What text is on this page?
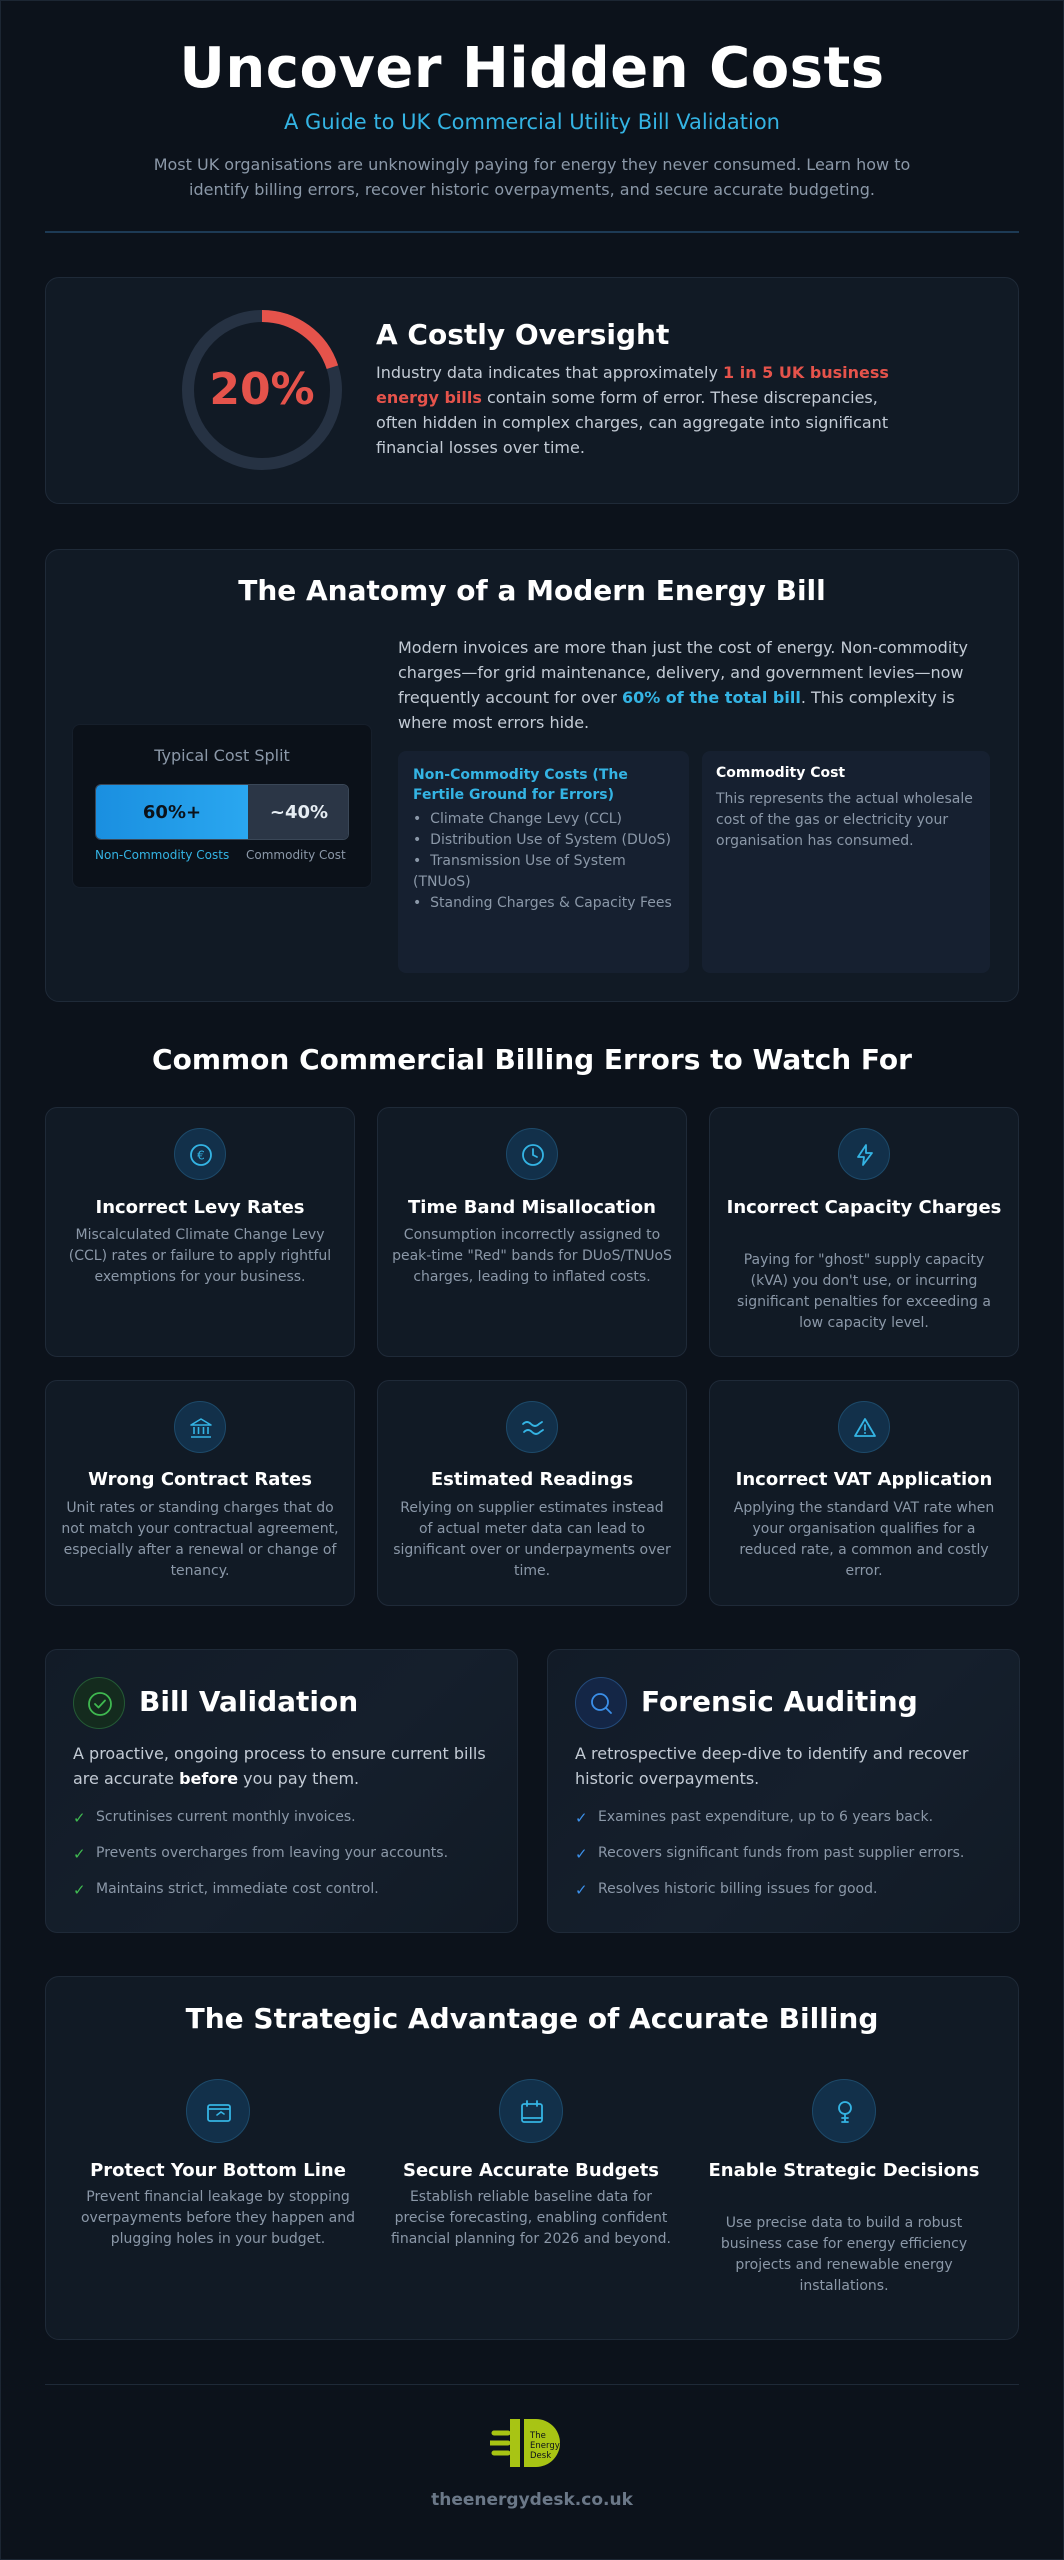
Uncover Hidden Costs
A Guide to UK Commercial Utility Bill Validation
Most UK organisations are unknowingly paying for energy they never consumed. Learn how to identify billing errors, recover historic overpayments, and secure accurate budgeting.
20%
A Costly Oversight
Industry data indicates that approximately 1 in 5 UK business energy bills contain some form of error. These discrepancies, often hidden in complex charges, can aggregate into significant financial losses over time.
The Anatomy of a Modern Energy Bill
Typical Cost Split
60%+	~40%
Non-Commodity Costs Commodity Cost
Modern invoices are more than just the cost of energy. Non-commodity charges—for grid maintenance, delivery, and government levies—now frequently account for over 60% of the total bill. This complexity is where most errors hide.
Non-Commodity Costs (The Fertile Ground for Errors)
•  Climate Change Levy (CCL)
•  Distribution Use of System (DUoS)
•  Transmission Use of System (TNUoS)
•  Standing Charges & Capacity Fees
Commodity Cost
This represents the actual wholesale cost of the gas or electricity your organisation has consumed.
Common Commercial Billing Errors to Watch For
€
Incorrect Levy Rates
Miscalculated Climate Change Levy (CCL) rates or failure to apply rightful exemptions for your business.
Time Band Misallocation
Consumption incorrectly assigned to peak-time "Red" bands for DUoS/TNUoS charges, leading to inflated costs.
Incorrect Capacity Charges
Paying for "ghost" supply capacity (kVA) you don't use, or incurring significant penalties for exceeding a low capacity level.
Wrong Contract Rates
Unit rates or standing charges that do not match your contractual agreement, especially after a renewal or change of tenancy.
Estimated Readings
Relying on supplier estimates instead of actual meter data can lead to significant over or underpayments over time.
Incorrect VAT Application
Applying the standard VAT rate when your organisation qualifies for a reduced rate, a common and costly error.
Bill Validation
A proactive, ongoing process to ensure current bills are accurate before you pay them.
✓ Scrutinises current monthly invoices.
✓ Prevents overcharges from leaving your accounts.
✓ Maintains strict, immediate cost control.
Forensic Auditing
A retrospective deep-dive to identify and recover historic overpayments.
✓ Examines past expenditure, up to 6 years back.
✓ Recovers significant funds from past supplier errors.
✓ Resolves historic billing issues for good.
The Strategic Advantage of Accurate Billing
Protect Your Bottom Line
Prevent financial leakage by stopping overpayments before they happen and plugging holes in your budget.
Secure Accurate Budgets
Establish reliable baseline data for precise forecasting, enabling confident financial planning for 2026 and beyond.
Enable Strategic Decisions
Use precise data to build a robust business case for energy efficiency projects and renewable energy installations.
The
Energy
Desk
theenergydesk.co.uk
